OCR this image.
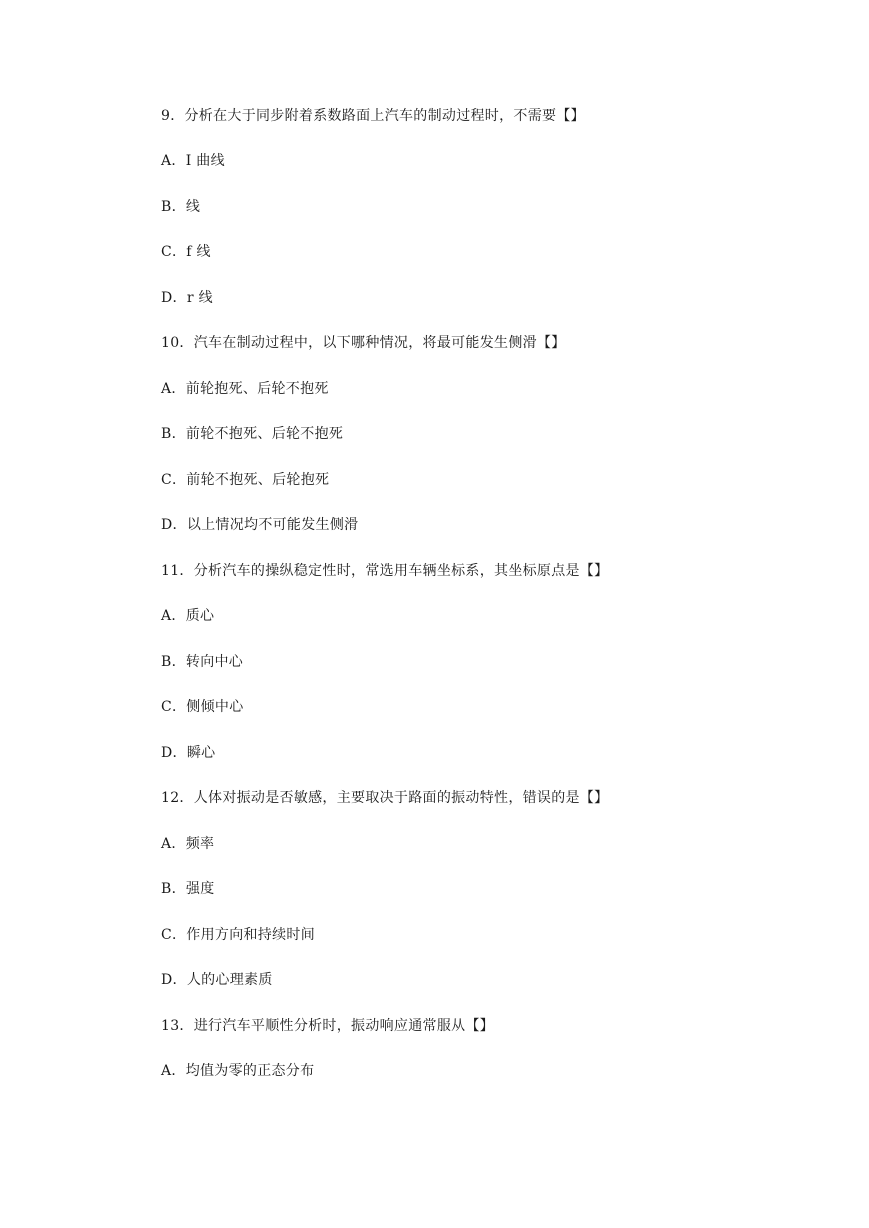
9．分析在大于同步附着系数路面上汽车的制动过程时，不需要【】
A．I 曲线
B．线
C．f 线
D．r 线
10．汽车在制动过程中，以下哪种情况，将最可能发生侧滑【】
A．前轮抱死、后轮不抱死
B．前轮不抱死、后轮不抱死
C．前轮不抱死、后轮抱死
D．以上情况均不可能发生侧滑
11．分析汽车的操纵稳定性时，常选用车辆坐标系，其坐标原点是【】
A．质心
B．转向中心
C．侧倾中心
D．瞬心
12．人体对振动是否敏感，主要取决于路面的振动特性，错误的是【】
A．频率
B．强度
C．作用方向和持续时间
D．人的心理素质
13．进行汽车平顺性分析时，振动响应通常服从【】
A．均值为零的正态分布
